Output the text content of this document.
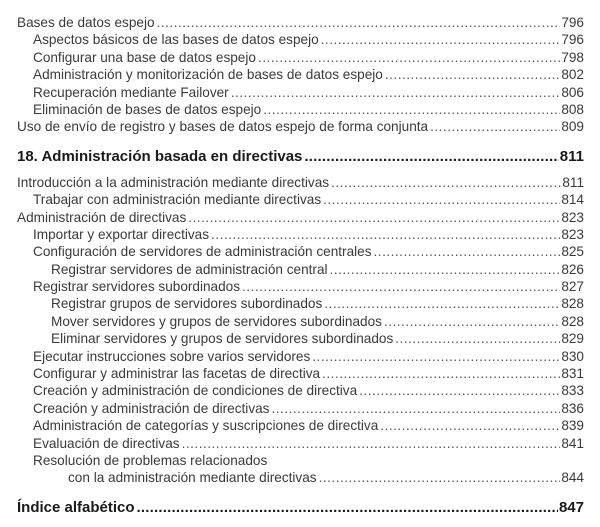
Bases de datos espejo .....	796
Aspectos básicos de las bases de datos espejo .....	796
Configurar una base de datos espejo .....	798
Administración y monitorización de bases de datos espejo .....	802
Recuperación mediante Failover .....	806
Eliminación de bases de datos espejo .....	808
Uso de envío de registro y bases de datos espejo de forma conjunta .....	809
18. Administración basada en directivas .....	811
Introducción a la administración mediante directivas .....	811
Trabajar con administración mediante directivas .....	814
Administración de directivas .....	823
Importar y exportar directivas .....	823
Configuración de servidores de administración centrales .....	825
Registrar servidores de administración central .....	826
Registrar servidores subordinados .....	827
Registrar grupos de servidores subordinados .....	828
Mover servidores y grupos de servidores subordinados .....	828
Eliminar servidores y grupos de servidores subordinados .....	829
Ejecutar instrucciones sobre varios servidores .....	830
Configurar y administrar las facetas de directiva .....	831
Creación y administración de condiciones de directiva .....	833
Creación y administración de directivas .....	836
Administración de categorías y suscripciones de directiva .....	839
Evaluación de directivas .....	841
Resolución de problemas relacionados
con la administración mediante directivas .....	844
Índice alfabético .....	847
